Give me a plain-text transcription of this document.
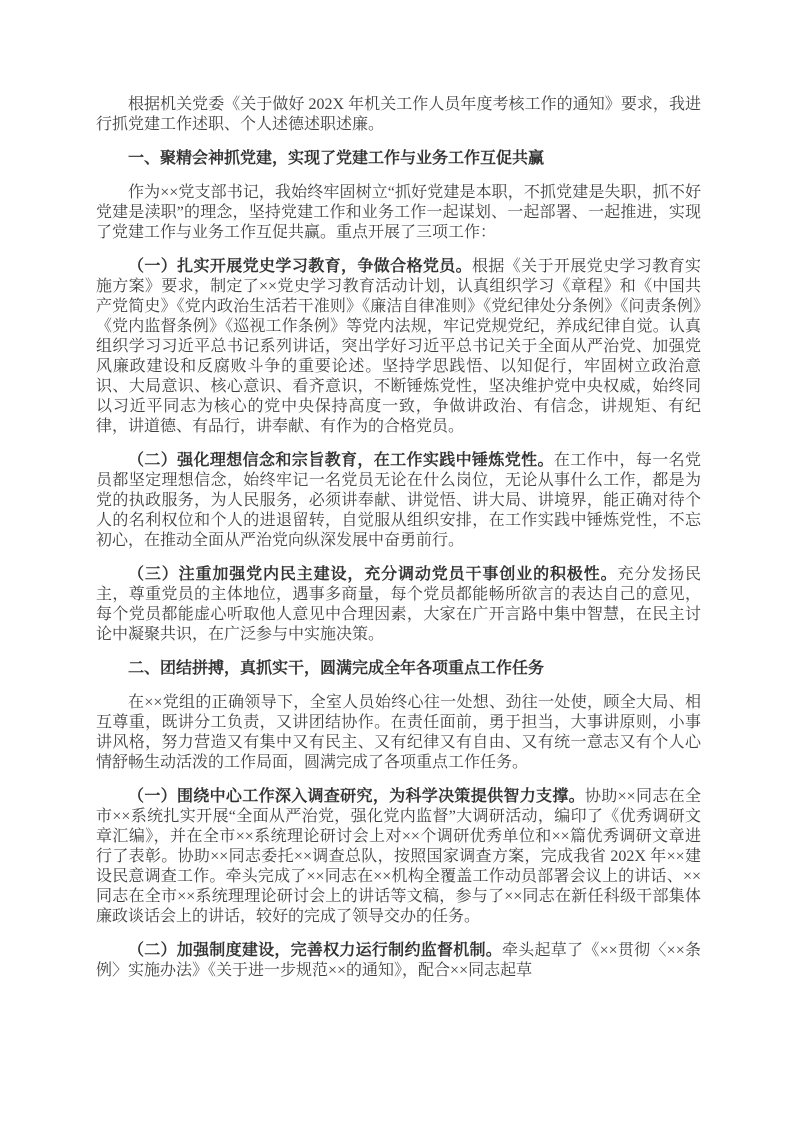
根据机关党委《关于做好 202X 年机关工作人员年度考核工作的通知》要求，我进行抓党建工作述职、个人述德述职述廉。

一、聚精会神抓党建，实现了党建工作与业务工作互促共赢

作为××党支部书记，我始终牢固树立“抓好党建是本职，不抓党建是失职，抓不好党建是渎职”的理念，坚持党建工作和业务工作一起谋划、一起部署、一起推进，实现了党建工作与业务工作互促共赢。重点开展了三项工作：

（一）扎实开展党史学习教育，争做合格党员。根据《关于开展党史学习教育实施方案》要求，制定了××党史学习教育活动计划，认真组织学习《章程》和《中国共产党简史》《党内政治生活若干准则》《廉洁自律准则》《党纪律处分条例》《问责条例》《党内监督条例》《巡视工作条例》等党内法规，牢记党规党纪，养成纪律自觉。认真组织学习习近平总书记系列讲话，突出学好习近平总书记关于全面从严治党、加强党风廉政建设和反腐败斗争的重要论述。坚持学思践悟、以知促行，牢固树立政治意识、大局意识、核心意识、看齐意识，不断锤炼党性，坚决维护党中央权威，始终同以习近平同志为核心的党中央保持高度一致，争做讲政治、有信念，讲规矩、有纪律，讲道德、有品行，讲奉献、有作为的合格党员。

（二）强化理想信念和宗旨教育，在工作实践中锤炼党性。在工作中，每一名党员都坚定理想信念，始终牢记一名党员无论在什么岗位，无论从事什么工作，都是为党的执政服务，为人民服务，必须讲奉献、讲觉悟、讲大局、讲境界，能正确对待个人的名利权位和个人的进退留转，自觉服从组织安排，在工作实践中锤炼党性，不忘初心，在推动全面从严治党向纵深发展中奋勇前行。

（三）注重加强党内民主建设，充分调动党员干事创业的积极性。充分发扬民主，尊重党员的主体地位，遇事多商量，每个党员都能畅所欲言的表达自己的意见，每个党员都能虚心听取他人意见中合理因素，大家在广开言路中集中智慧，在民主讨论中凝聚共识，在广泛参与中实施决策。

二、团结拼搏，真抓实干，圆满完成全年各项重点工作任务

在××党组的正确领导下，全室人员始终心往一处想、劲往一处使，顾全大局、相互尊重，既讲分工负责，又讲团结协作。在责任面前，勇于担当，大事讲原则，小事讲风格，努力营造又有集中又有民主、又有纪律又有自由、又有统一意志又有个人心情舒畅生动活泼的工作局面，圆满完成了各项重点工作任务。

（一）围绕中心工作深入调查研究，为科学决策提供智力支撑。协助××同志在全市××系统扎实开展“全面从严治党，强化党内监督”大调研活动，编印了《优秀调研文章汇编》，并在全市××系统理论研讨会上对××个调研优秀单位和××篇优秀调研文章进行了表彰。协助××同志委托××调查总队，按照国家调查方案，完成我省 202X 年××建设民意调查工作。牵头完成了××同志在××机构全覆盖工作动员部署会议上的讲话、××同志在全市××系统理理论研讨会上的讲话等文稿，参与了××同志在新任科级干部集体廉政谈话会上的讲话，较好的完成了领导交办的任务。

（二）加强制度建设，完善权力运行制约监督机制。牵头起草了《××贯彻〈××条例〉实施办法》《关于进一步规范××的通知》，配合××同志起草
